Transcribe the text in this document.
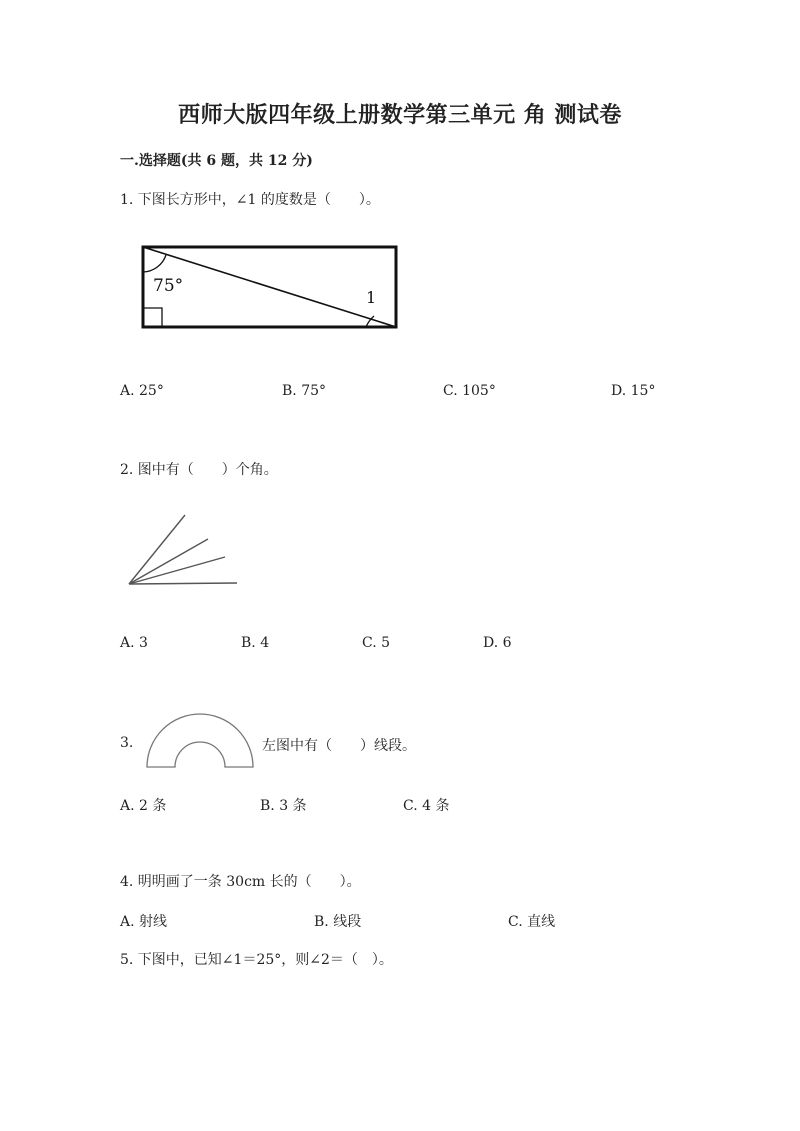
西师大版四年级上册数学第三单元 角 测试卷
一.选择题(共 6 题，共 12 分)
1. 下图长方形中，∠1 的度数是（　　）。
75°
1
A. 25°	B. 75°	C. 105°	D. 15°
2. 图中有（　　）个角。
A. 3	B. 4	C. 5	D. 6
3.	左图中有（　　）线段。
A. 2 条	B. 3 条	C. 4 条
4. 明明画了一条 30cm 长的（　　）。
A. 射线	B. 线段	C. 直线
5. 下图中，已知∠1＝25°，则∠2＝（　）。
